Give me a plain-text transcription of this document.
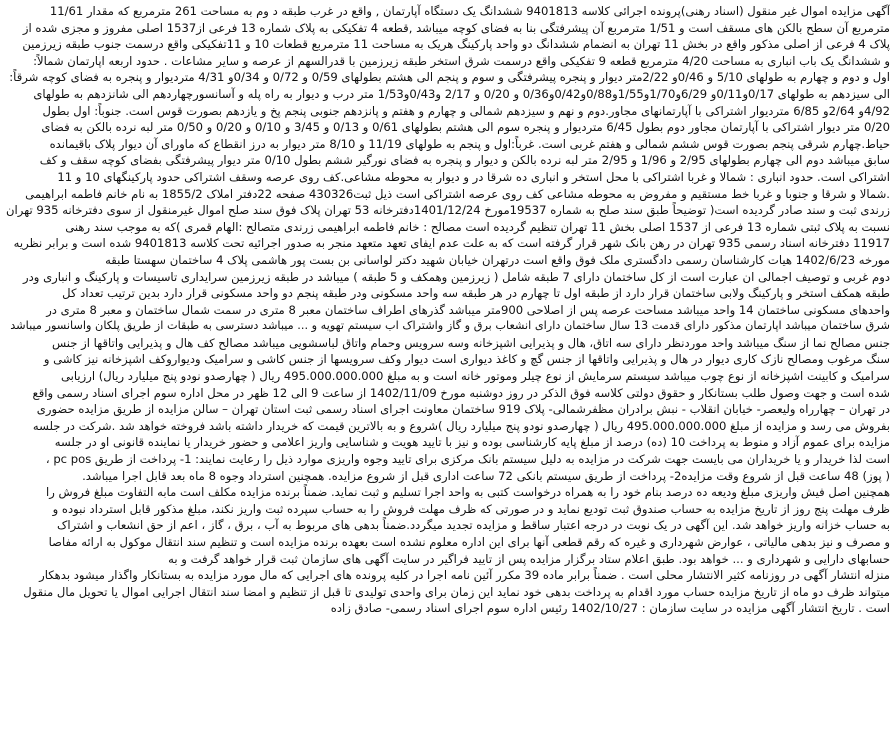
آگهی مزایده اموال غیر منقول (اسناد رهنی)پرونده اجرائی کلاسه 9401813 ششدانگ یک دستگاه آپارتمان , واقع در غرب طبقه د وم به مساحت 261 مترمربع که مقدار 11/61
مترمربع آن سطح بالکن های مسقف است و 1/51 مترمربع آن پیشرفتگی بنا به فضای کوچه میباشد ,قطعه 4 تفکیکی به پلاک شماره 13 فرعی از1537 اصلی مفروز و مجزی شده از
پلاک 4 فرعی از اصلی مذکور واقع در بخش 11 تهران به انضمام ششدانگ دو واحد پارکینگ هریک به مساحت 11 مترمربع قطعات 10 و 11تفکیکی واقع درسمت جنوب طبقه زیرزمین
و ششدانگ یک باب انباری به مساحت 4/20 مترمربع قطعه 9 تفکیکی واقع درسمت شرق استخر طبقه زیرزمین با قدرالسهم از عرصه و سایر مشاعات . حدود اربعه اپارتمان شمالاً:
اول و دوم و چهارم به طولهای 5/10 و 0/46و 2/22متر دیوار و پنجره پیشرفتگی و سوم و پنجم الی هشتم بطولهای 0/59 و 0/72 و 0/34و 4/31 متردیوار و پنجره به فضای کوچه شرقاً:
الی سیزدهم به طولهای 0/17و0/11و 6/29و1/70و1/55و0/88و0/42و0/36 و 0/20 و 2/17 و0/43و1/53 متر درب و دیوار به راه پله و آسانسورچهاردهم الی شانزدهم به طولهای
4/92و 2/64و 6/85 متردیوار اشتراکی با آپارتمانهای مجاور.دوم و نهم و سیزدهم شمالی و چهارم و هفتم و پانزدهم جنوبی پنجم پخ و یازدهم بصورت قوس است. جنوباً: اول بطول
0/20 متر دیوار اشتراکی با آپارتمان مجاور دوم بطول 6/45 متردیوار و پنجره سوم الی هشتم بطولهای 0/61 و 0/13 و 3/45 و 0/10 و 0/20 و 0/50 متر لبه نرده بالکن به فضای
حیاط.چهارم شرقی پنجم بصورت قوس ششم شمالی و هفتم غربی است. غرباً:اول و پنجم به طولهای 11/19 و 8/10 متر دیوار به درز انقطاع که ماورای آن دیوار پلاک باقیمانده
سابق میباشد دوم الی چهارم بطولهای 2/95 و 1/96 و 2/95 متر لبه نرده بالکن و دیوار و پنجره به فضای نورگیر ششم بطول 0/10 متر دیوار پیشرفتگی بفضای کوچه سقف و کف
اشتراکی است. حدود انباری : شمالا و غربا اشتراکی با محل استخر و انباری ده شرقا در و دیوار به محوطه مشاعی.کف روی عرصه وسقف اشتراکی حدود پارکینگهای 10 و 11
.شمالا و شرقا و جنوبا و غربا خط مستقیم و مفروض به محوطه مشاعی کف روی عرصه اشتراکی است ذیل ثبت430326 صفحه 22دفتر املاک 1855/2 به نام خانم فاطمه ابراهیمی
زرندی ثبت و سند صادر گردیده است( توضیحاً طبق سند صلح به شماره 19537مورخ 1401/12/24دفترخانه 53 تهران پلاک فوق سند صلح اموال غیرمنقول از سوی دفترخانه 935 تهران
نسبت به پلاک ثبتی شماره 13 فرعی از 1537 اصلی بخش 11 تهران تنظیم گردیده است مصالح : خانم فاطمه ابراهیمی زرندی متصالح :الهام قمری )که به موجب سند رهنی
11917 دفترخانه اسناد رسمی 935 تهران در رهن بانک شهر قرار گرفته است که به علت عدم ایفای تعهد متعهد منجر به صدور اجرائیه تحت کلاسه 9401813 شده است و برابر نظریه
مورخه 1402/6/23 هیات کارشناسان رسمی دادگستری ملک فوق واقع است درتهران خیابان شهید دکتر لواسانی بن بست پور هاشمی پلاک 4 ساختمان سهستا طبقه
دوم غربی و توصیف اجمالی ان عبارت است از کل ساختمان دارای 7 طبقه شامل ( زیرزمین وهمکف و 5 طبقه ) میباشد در طبقه زیرزمین سرایداری تاسیسات و پارکینگ و انباری ودر
طبقه همکف استخر و پارکینگ ولابی ساختمان قرار دارد از طبقه اول تا چهارم در هر طبقه سه واحد مسکونی ودر طبقه پنجم دو واحد مسکونی قرار دارد بدین ترتیب تعداد کل
واحدهای مسکونی ساختمان 14 واحد میباشد مساحت عرصه پس از اصلاحی 900متر میباشد گذرهای اطراف ساختمان معبر 8 متری در سمت شمال ساختمان و معبر 8 متری در
شرق ساختمان میباشد اپارتمان مذکور دارای قدمت 13 سال ساختمان دارای انشعاب برق و گاز واشتراک اب سیستم تهویه و ... میباشد دسترسی به طبقات از طریق پلکان واسانسور میباشد
جنس مصالح نما از سنگ میباشد واحد موردنظر دارای سه اتاق، هال و پذیرایی اشپزخانه وسه سرویس وحمام واتاق لباسشویی میباشد مصالح کف هال و پذیرایی واتاقها از جنس
سنگ مرغوب ومصالح نازک کاری دیوار در هال و پذیرایی واتاقها از جنس گچ و کاغذ دیواری است دیوار وکف سرویسها از جنس کاشی و سرامیک ودیواروکف اشپزخانه نیز کاشی و
سرامیک و کابینت اشپزخانه از نوع چوب میباشد سیستم سرمایش از نوع چیلر وموتور خانه است و به مبلغ 495.000.000.000 ریال ( چهارصدو نودو پنج میلیارد ریال) ارزیابی
شده است و جهت وصول طلب بستانکار و حقوق دولتی کلاسه فوق الذکر در روز دوشنبه مورخ 1402/11/09 از ساعت 9 الی 12 ظهر در محل اداره سوم اجرای اسناد رسمی واقع
در تهران – چهارراه ولیعصر- خیابان انقلاب - نبش برادران مظفرشمالی- پلاک 919 ساختمان معاونت اجرای اسناد رسمی ثبت استان تهران – سالن مزایده از طریق مزایده حضوری
بفروش می رسد و مزایده از مبلغ 495.000.000.000 ریال ( چهارصدو نودو پنج میلیارد ریال )شروع و به بالاترین قیمت که خریدار داشته باشد فروخته خواهد شد .شرکت در جلسه
مزایده برای عموم آزاد و منوط به پرداخت 10 (ده) درصد از مبلغ پایه کارشناسی بوده و نیز با تایید هویت و شناسایی واریز اعلامی و حضور خریدار یا نماینده قانونی او در جلسه
است لذا خریدار و یا خریداران می بایست جهت شرکت در مزایده به دلیل سیستم بانک مرکزی برای تایید وجوه واریزی موارد ذیل را رعایت نمایند: 1- پرداخت از طریق pc pos ،
( پوز) 48 ساعت قبل از شروع وقت مزایده2- پرداخت از طریق سیستم بانکی 72 ساعت اداری قبل از شروع مزایده. همچنین استرداد وجوه 8 ماه بعد قابل اجرا میباشد.
همچنین اصل فیش واریزی مبلغ ودیعه ده درصد بنام خود را به همراه درخواست کتبی به واحد اجرا تسلیم و ثبت نماید. ضمناً برنده مزایده مکلف است مابه التفاوت مبلغ فروش را
ظرف مهلت پنج روز از تاریخ مزایده به حساب صندوق ثبت تودیع نماید و در صورتی که ظرف مهلت فروش را به حساب سپرده ثبت واریز نکند، مبلغ مذکور قابل استرداد نبوده و
به حساب خزانه واریز خواهد شد. این آگهی در یک نوبت در درجه اعتبار ساقط و مزایده تجدید میگردد.ضمناً بدهی های مربوط به آب ، برق ، گاز ، اعم از حق انشعاب و اشتراک
و مصرف و نیز بدهی مالیاتی ، عوارض شهرداری و غیره که رقم قطعی آنها برای این اداره معلوم نشده است بعهده برنده مزایده است و تنظیم سند انتقال موکول به ارائه مفاصا
حسابهای دارایی و شهرداری و ... خواهد بود. طبق اعلام ستاد برگزار مزایده پس از تایید فراگیر در سایت آگهی های سازمان ثبت قرار خواهد گرفت و به
منزله انتشار آگهی در روزنامه کثیر الانتشار محلی است . ضمناً برابر ماده 39 مکرر آئین نامه اجرا در کلیه پرونده های اجرایی که مال مورد مزایده به بستانکار واگذار میشود بدهکار
میتواند ظرف دو ماه از تاریخ مزایده حساب مورد اقدام به پرداخت بدهی خود نماید این زمان برای واحدی تولیدی تا قبل از تنظیم و امضا سند انتقال اجرایی اموال یا تحویل مال منقول
است . تاریخ انتشار آگهی مزایده در سایت سازمان : 1402/10/27 رئیس اداره سوم اجرای اسناد رسمی- صادق زاده
